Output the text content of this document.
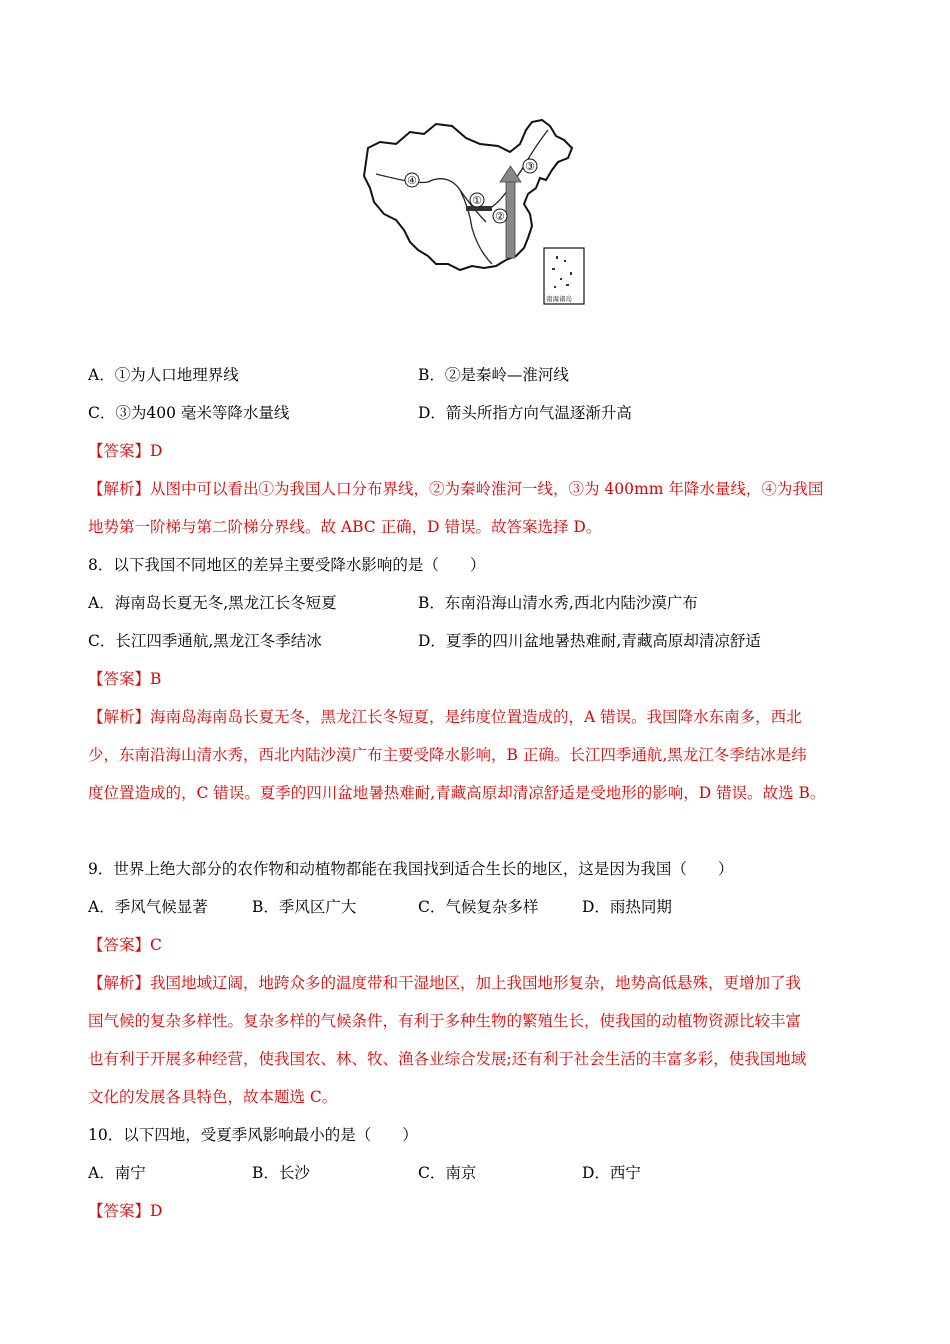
④
①
②
③
南海诸岛
A．①为人口地理界线	B．②是秦岭—淮河线
C．③为400 毫米等降水量线	D．箭头所指方向气温逐渐升高
【答案】D
【解析】从图中可以看出①为我国人口分布界线，②为秦岭淮河一线，③为 400mm 年降水量线，④为我国
地势第一阶梯与第二阶梯分界线。故 ABC 正确，D 错误。故答案选择 D。
8．以下我国不同地区的差异主要受降水影响的是（　　）
A．海南岛长夏无冬,黑龙江长冬短夏	B．东南沿海山清水秀,西北内陆沙漠广布
C．长江四季通航,黑龙江冬季结冰	D．夏季的四川盆地暑热难耐,青藏高原却清凉舒适
【答案】B
【解析】海南岛海南岛长夏无冬，黑龙江长冬短夏，是纬度位置造成的，A 错误。我国降水东南多，西北
少，东南沿海山清水秀，西北内陆沙漠广布主要受降水影响，B 正确。长江四季通航,黑龙江冬季结冰是纬
度位置造成的，C 错误。夏季的四川盆地暑热难耐,青藏高原却清凉舒适是受地形的影响，D 错误。故选 B。
9．世界上绝大部分的农作物和动植物都能在我国找到适合生长的地区，这是因为我国（　　）
A．季风气候显著	B．季风区广大	C．气候复杂多样	D．雨热同期
【答案】C
【解析】我国地域辽阔，地跨众多的温度带和干湿地区，加上我国地形复杂，地势高低悬殊，更增加了我
国气候的复杂多样性。复杂多样的气候条件，有利于多种生物的繁殖生长，使我国的动植物资源比较丰富
也有利于开展多种经营，使我国农、林、牧、渔各业综合发展;还有利于社会生活的丰富多彩，使我国地域
文化的发展各具特色，故本题选 C。
10．以下四地，受夏季风影响最小的是（　　）
A．南宁	B．长沙	C．南京	D．西宁
【答案】D
